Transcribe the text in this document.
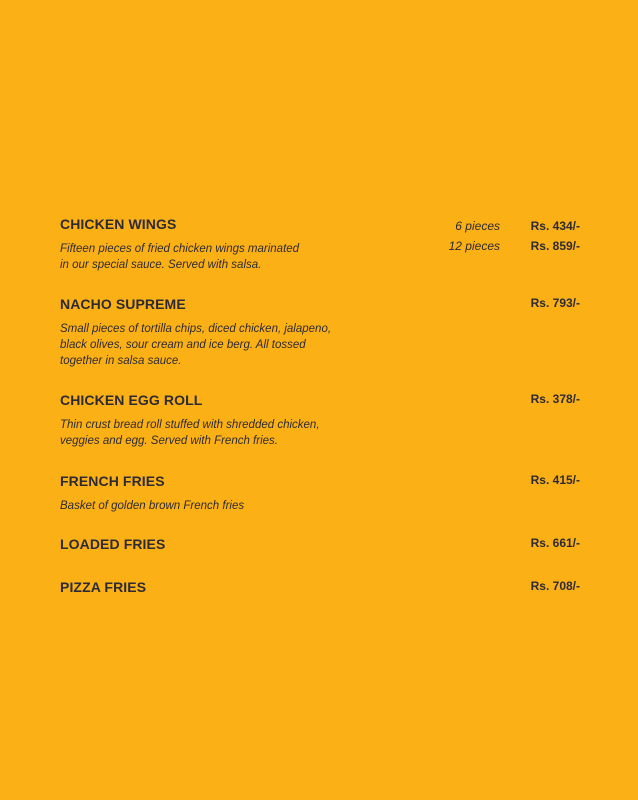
CHICKEN WINGS	6 pieces	Rs. 434/-
12 pieces	Rs. 859/-
Fifteen pieces of fried chicken wings marinated
in our special sauce. Served with salsa.
NACHO SUPREME	Rs. 793/-
Small pieces of tortilla chips, diced chicken, jalapeno,
black olives, sour cream and ice berg. All tossed
together in salsa sauce.
CHICKEN EGG ROLL	Rs. 378/-
Thin crust bread roll stuffed with shredded chicken,
veggies and egg. Served with French fries.
FRENCH FRIES	Rs. 415/-
Basket of golden brown French fries
LOADED FRIES	Rs. 661/-
PIZZA FRIES	Rs. 708/-
